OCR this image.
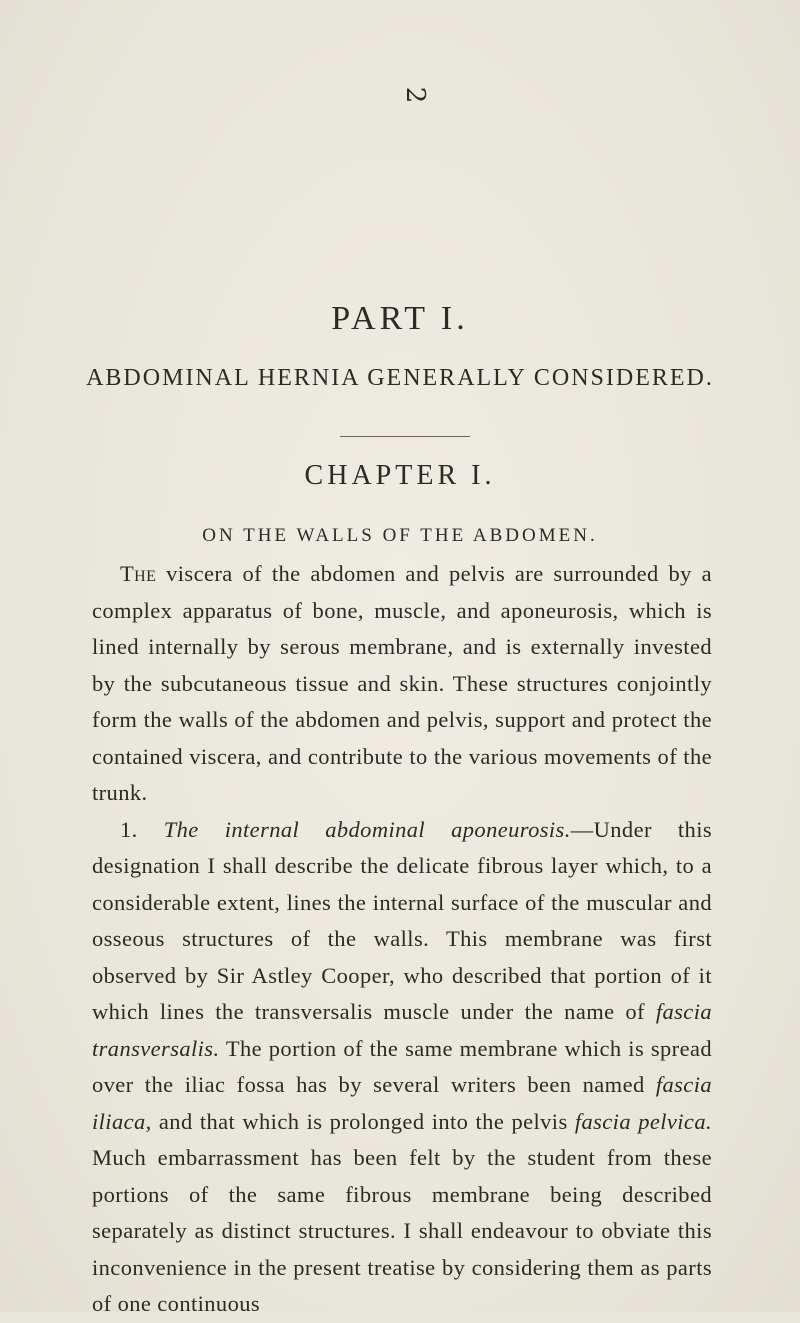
2
PART I.
ABDOMINAL HERNIA GENERALLY CONSIDERED.
CHAPTER I.
ON THE WALLS OF THE ABDOMEN.

The viscera of the abdomen and pelvis are surrounded by a complex apparatus of bone, muscle, and aponeurosis, which is lined internally by serous membrane, and is externally invested by the subcutaneous tissue and skin. These structures conjointly form the walls of the abdomen and pelvis, support and protect the contained viscera, and contribute to the various movements of the trunk.

1. The internal abdominal aponeurosis.—Under this designation I shall describe the delicate fibrous layer which, to a considerable extent, lines the internal surface of the muscular and osseous structures of the walls. This membrane was first observed by Sir Astley Cooper, who described that portion of it which lines the transversalis muscle under the name of fascia transversalis. The portion of the same membrane which is spread over the iliac fossa has by several writers been named fascia iliaca, and that which is prolonged into the pelvis fascia pelvica. Much embarrassment has been felt by the student from these portions of the same fibrous membrane being described separately as distinct structures. I shall endeavour to obviate this inconvenience in the present treatise by considering them as parts of one continuous
